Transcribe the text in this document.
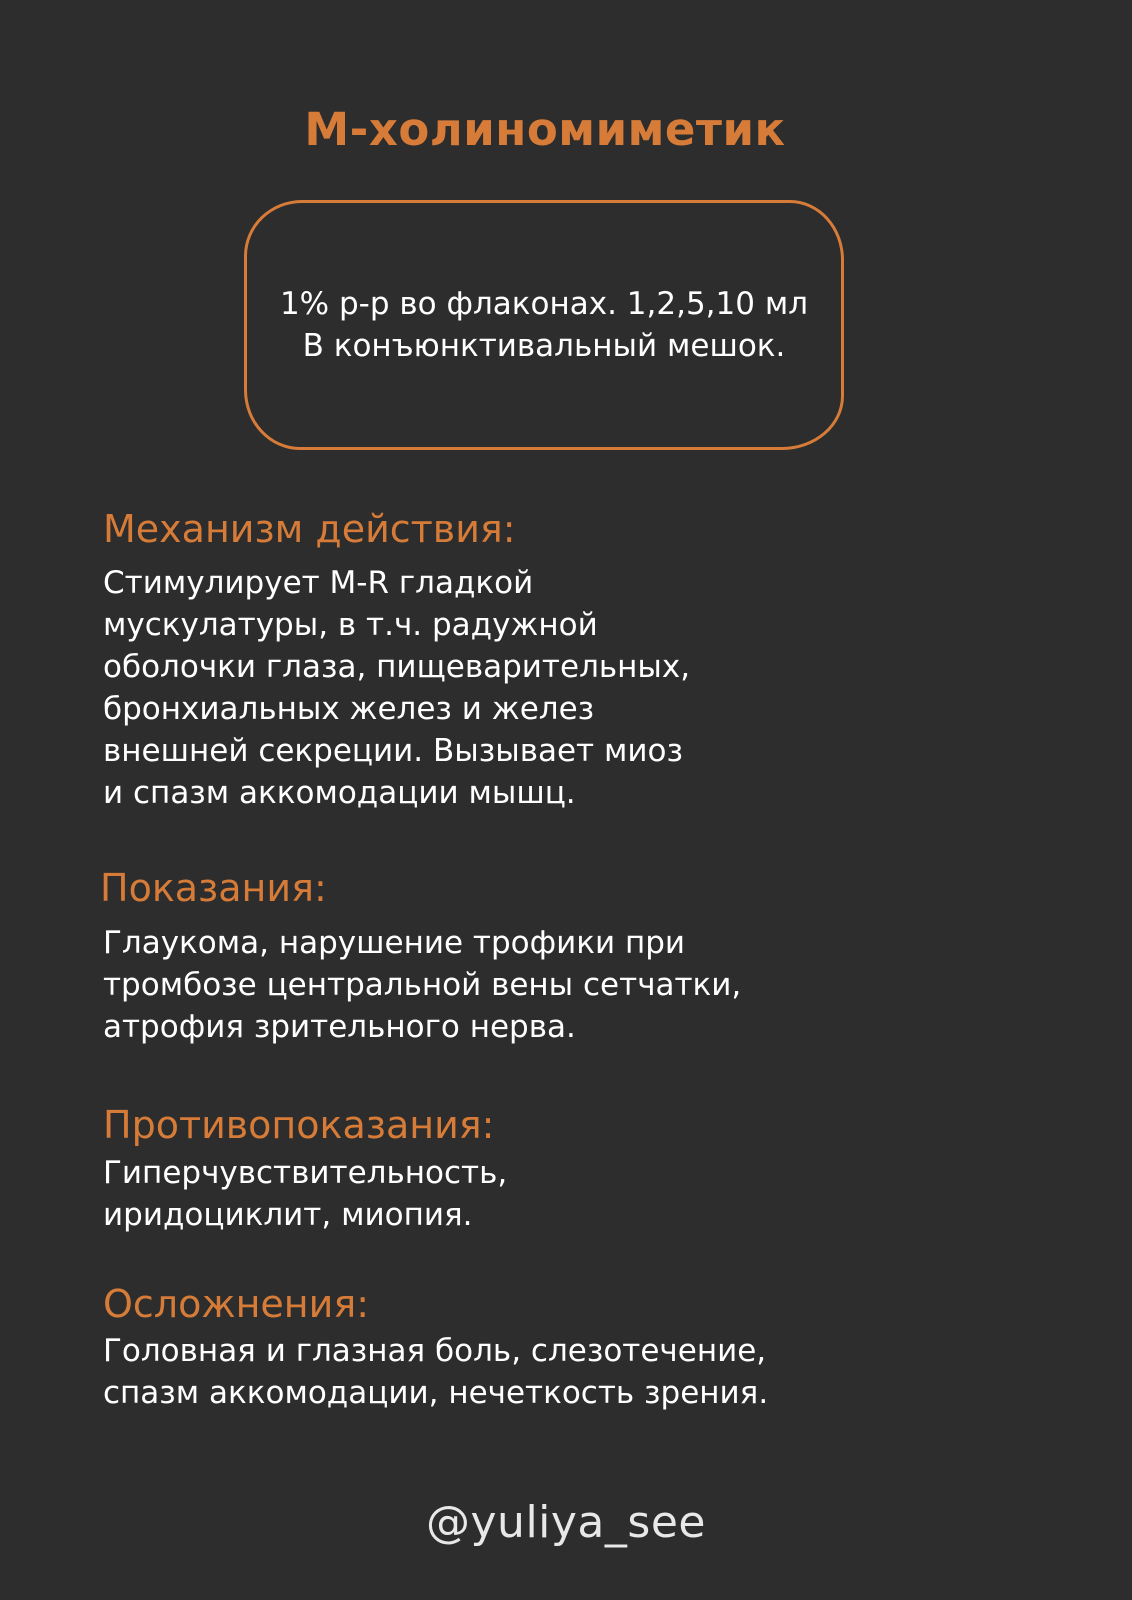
М-холиномиметик
1% р-р во флаконах. 1,2,5,10 мл
В конъюнктивальный мешок.
Механизм действия:
Стимулирует М-R гладкой
мускулатуры, в т.ч. радужной
оболочки глаза, пищеварительных,
бронхиальных желез и желез
внешней секреции. Вызывает миоз
и спазм аккомодации мышц.
Показания:
Глаукома, нарушение трофики при
тромбозе центральной вены сетчатки,
атрофия зрительного нерва.
Противопоказания:
Гиперчувствительность,
иридоциклит, миопия.
Осложнения:
Головная и глазная боль, слезотечение,
спазм аккомодации, нечеткость зрения.
@yuliya_see
